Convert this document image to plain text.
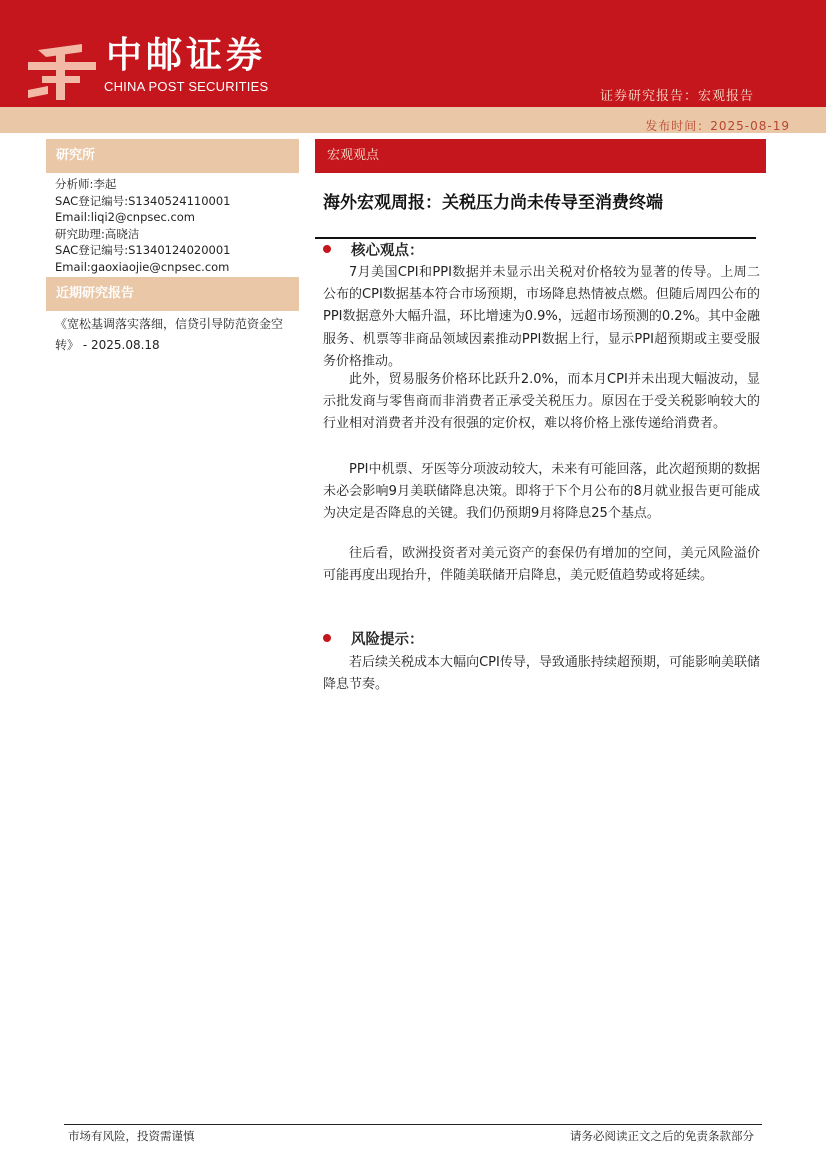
中邮证券
CHINA POST SECURITIES
证券研究报告：宏观报告
发布时间：2025-08-19
研究所
分析师:李起
SAC登记编号:S1340524110001
Email:liqi2@cnpsec.com
研究助理:高晓洁
SAC登记编号:S1340124020001
Email:gaoxiaojie@cnpsec.com
近期研究报告
《宽松基调落实落细，信贷引导防范资金空转》 - 2025.08.18
宏观观点
海外宏观周报：关税压力尚未传导至消费终端
核心观点：

7月美国CPI和PPI数据并未显示出关税对价格较为显著的传导。上周二公布的CPI数据基本符合市场预期，市场降息热情被点燃。但随后周四公布的PPI数据意外大幅升温，环比增速为0.9%，远超市场预测的0.2%。其中金融服务、机票等非商品领域因素推动PPI数据上行，显示PPI超预期或主要受服务价格推动。

此外，贸易服务价格环比跃升2.0%，而本月CPI并未出现大幅波动，显示批发商与零售商而非消费者正承受关税压力。原因在于受关税影响较大的行业相对消费者并没有很强的定价权，难以将价格上涨传递给消费者。

PPI中机票、牙医等分项波动较大，未来有可能回落，此次超预期的数据未必会影响9月美联储降息决策。即将于下个月公布的8月就业报告更可能成为决定是否降息的关键。我们仍预期9月将降息25个基点。

往后看，欧洲投资者对美元资产的套保仍有增加的空间，美元风险溢价可能再度出现抬升，伴随美联储开启降息，美元贬值趋势或将延续。

风险提示：

若后续关税成本大幅向CPI传导，导致通胀持续超预期，可能影响美联储降息节奏。

市场有风险，投资需谨慎	请务必阅读正文之后的免责条款部分
